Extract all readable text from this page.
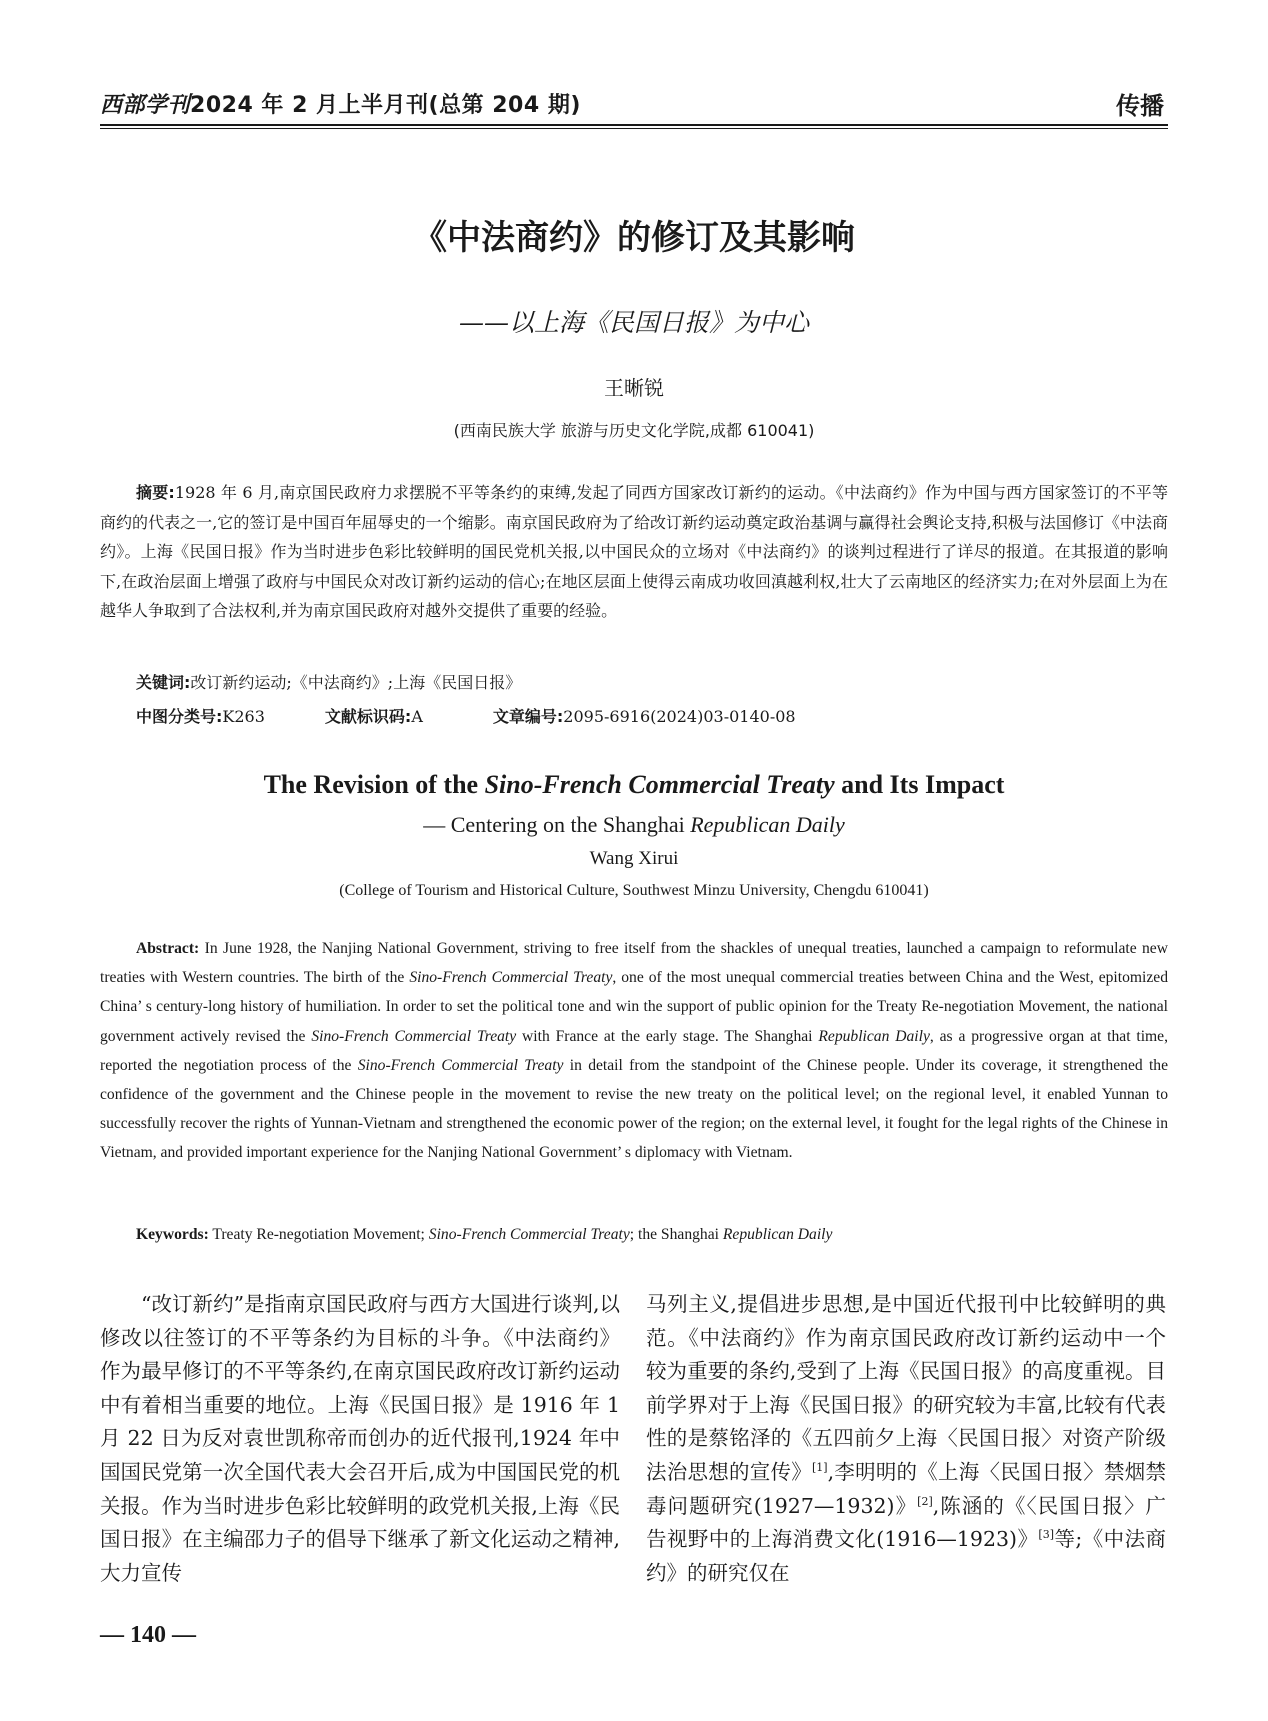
西部学刊2024 年 2 月上半月刊(总第 204 期)	传播
《中法商约》的修订及其影响
——以上海《民国日报》为中心
王晰锐
(西南民族大学 旅游与历史文化学院,成都 610041)
摘要:1928 年 6 月,南京国民政府力求摆脱不平等条约的束缚,发起了同西方国家改订新约的运动。《中法商约》作为中国与西方国家签订的不平等商约的代表之一,它的签订是中国百年屈辱史的一个缩影。南京国民政府为了给改订新约运动奠定政治基调与赢得社会舆论支持,积极与法国修订《中法商约》。上海《民国日报》作为当时进步色彩比较鲜明的国民党机关报,以中国民众的立场对《中法商约》的谈判过程进行了详尽的报道。在其报道的影响下,在政治层面上增强了政府与中国民众对改订新约运动的信心;在地区层面上使得云南成功收回滇越利权,壮大了云南地区的经济实力;在对外层面上为在越华人争取到了合法权利,并为南京国民政府对越外交提供了重要的经验。
关键词:改订新约运动;《中法商约》;上海《民国日报》
中图分类号:K263	文献标识码:A	文章编号:2095-6916(2024)03-0140-08
The Revision of the Sino-French Commercial Treaty and Its Impact
— Centering on the Shanghai Republican Daily
Wang Xirui
(College of Tourism and Historical Culture, Southwest Minzu University, Chengdu 610041)
Abstract: In June 1928, the Nanjing National Government, striving to free itself from the shackles of unequal treaties, launched a campaign to reformulate new treaties with Western countries. The birth of the Sino-French Commercial Treaty, one of the most unequal commercial treaties between China and the West, epitomized China’ s century-long history of humiliation. In order to set the political tone and win the support of public opinion for the Treaty Re-negotiation Movement, the national government actively revised the Sino-French Commercial Treaty with France at the early stage. The Shanghai Republican Daily, as a progressive organ at that time, reported the negotiation process of the Sino-French Commercial Treaty in detail from the standpoint of the Chinese people. Under its coverage, it strengthened the confidence of the government and the Chinese people in the movement to revise the new treaty on the political level; on the regional level, it enabled Yunnan to successfully recover the rights of Yunnan-Vietnam and strengthened the economic power of the region; on the external level, it fought for the legal rights of the Chinese in Vietnam, and provided important experience for the Nanjing National Government’ s diplomacy with Vietnam.
Keywords: Treaty Re-negotiation Movement; Sino-French Commercial Treaty; the Shanghai Republican Daily
“改订新约”是指南京国民政府与西方大国进行谈判,以修改以往签订的不平等条约为目标的斗争。《中法商约》作为最早修订的不平等条约,在南京国民政府改订新约运动中有着相当重要的地位。上海《民国日报》是 1916 年 1 月 22 日为反对袁世凯称帝而创办的近代报刊,1924 年中国国民党第一次全国代表大会召开后,成为中国国民党的机关报。作为当时进步色彩比较鲜明的政党机关报,上海《民国日报》在主编邵力子的倡导下继承了新文化运动之精神,大力宣传
马列主义,提倡进步思想,是中国近代报刊中比较鲜明的典范。《中法商约》作为南京国民政府改订新约运动中一个较为重要的条约,受到了上海《民国日报》的高度重视。目前学界对于上海《民国日报》的研究较为丰富,比较有代表性的是蔡铭泽的《五四前夕上海〈民国日报〉对资产阶级法治思想的宣传》[1],李明明的《上海〈民国日报〉禁烟禁毒问题研究(1927—1932)》[2],陈涵的《〈民国日报〉广告视野中的上海消费文化(1916—1923)》[3]等;《中法商约》的研究仅在
— 140 —
